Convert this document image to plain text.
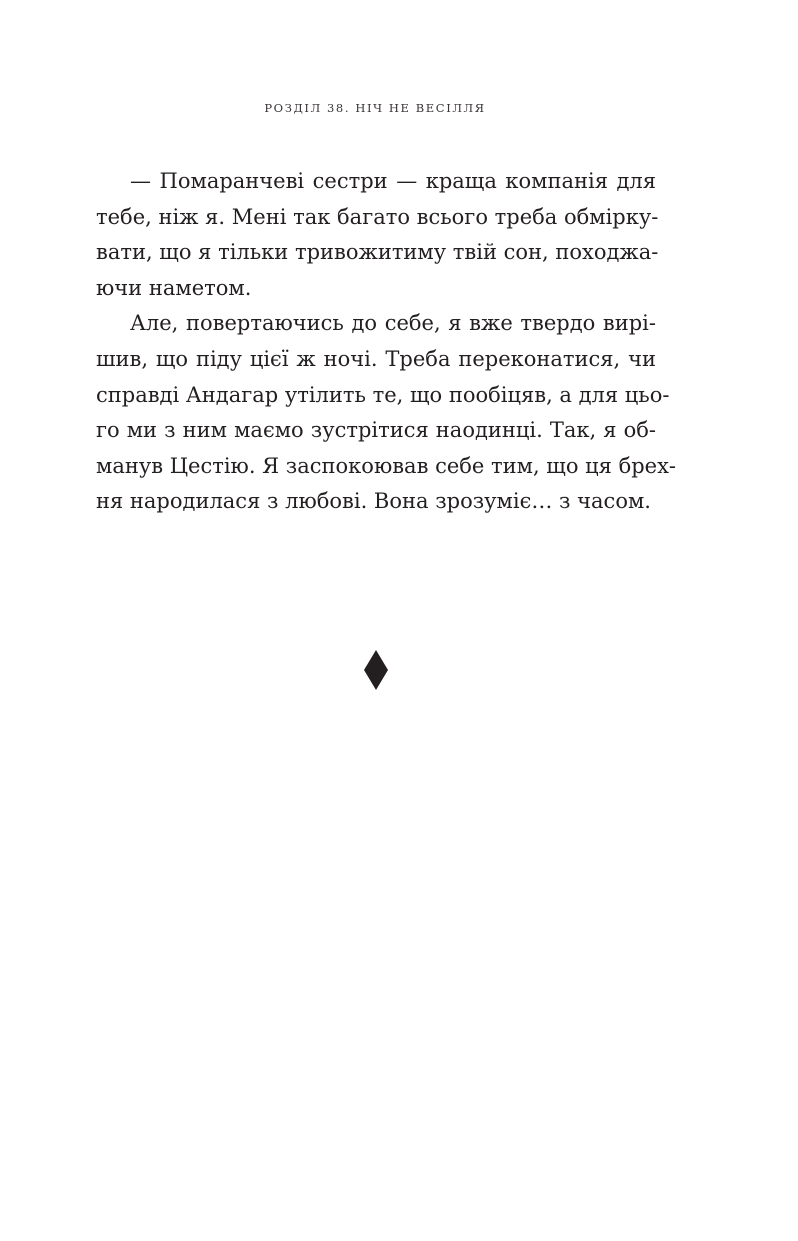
РОЗДІЛ 38. НІЧ НЕ ВЕСІЛЛЯ
— Помаранчеві сестри — краща компанія для
тебе, ніж я. Мені так багато всього треба обмірку-
вати, що я тільки тривожитиму твій сон, походжа-
ючи наметом.
Але, повертаючись до себе, я вже твердо вирі-
шив, що піду цієї ж ночі. Треба переконатися, чи
справді Андагар утілить те, що пообіцяв, а для цьо-
го ми з ним маємо зустрітися наодинці. Так, я об-
манув Цестію. Я заспокоював себе тим, що ця брех-
ня народилася з любові. Вона зрозуміє… з часом.
